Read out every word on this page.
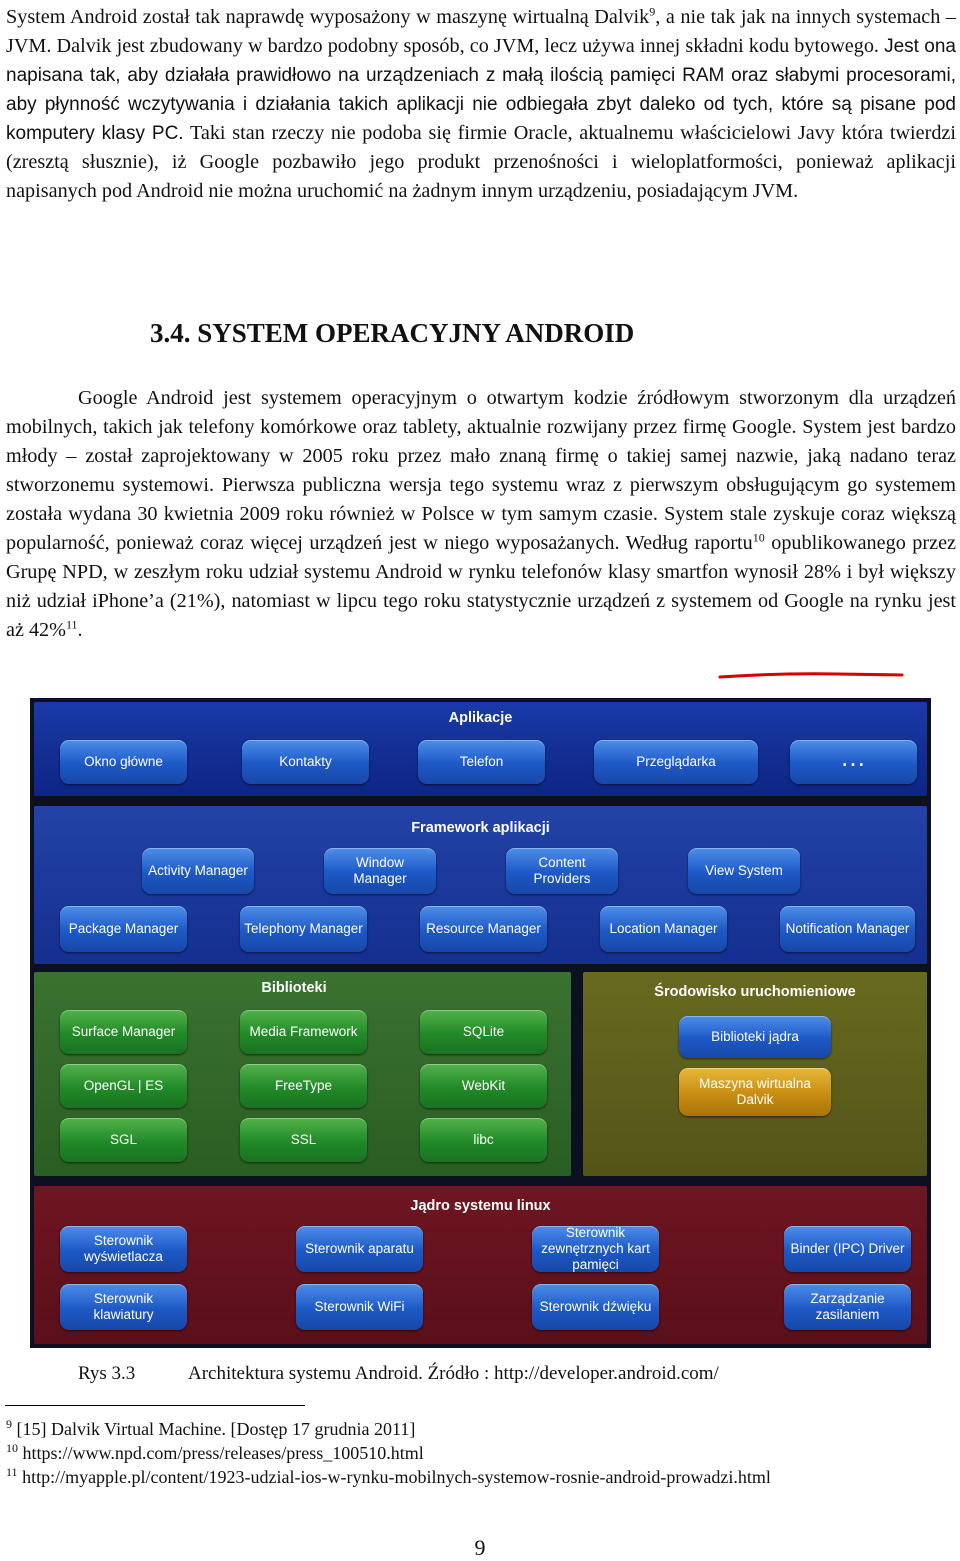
System Android został tak naprawdę wyposażony w maszynę wirtualną Dalvik$^9$, a nie tak jak na innych systemach – JVM. Dalvik jest zbudowany w bardzo podobny sposób, co JVM, lecz używa innej składni kodu bytowego. Jest ona napisana tak, aby działała prawidłowo na urządzeniach z małą ilością pamięci RAM oraz słabymi procesorami, aby płynność wczytywania i działania takich aplikacji nie odbiegała zbyt daleko od tych, które są pisane pod komputery klasy PC. Taki stan rzeczy nie podoba się firmie Oracle, aktualnemu właścicielowi Javy która twierdzi (zresztą słusznie), iż Google pozbawiło jego produkt przenośności i wieloplatformości, ponieważ aplikacji napisanych pod Android nie można uruchomić na żadnym innym urządzeniu, posiadającym JVM.

3.4. SYSTEM OPERACYJNY ANDROID

Google Android jest systemem operacyjnym o otwartym kodzie źródłowym stworzonym dla urządzeń mobilnych, takich jak telefony komórkowe oraz tablety, aktualnie rozwijany przez firmę Google. System jest bardzo młody – został zaprojektowany w 2005 roku przez mało znaną firmę o takiej samej nazwie, jaką nadano teraz stworzonemu systemowi. Pierwsza publiczna wersja tego systemu wraz z pierwszym obsługującym go systemem została wydana 30 kwietnia 2009 roku również w Polsce w tym samym czasie. System stale zyskuje coraz większą popularność, ponieważ coraz więcej urządzeń jest w niego wyposażanych. Według raportu$^{10}$ opublikowanego przez Grupę NPD, w zeszłym roku udział systemu Android w rynku telefonów klasy smartfon wynosił 28% i był większy niż udział iPhone’a (21%), natomiast w lipcu tego roku statystycznie urządzeń z systemem od Google na rynku jest aż 42%$^{11}$.

Aplikacje
Okno główne	Kontakty	Telefon	Przeglądarka	...
Framework aplikacji
Activity Manager
Window Manager
Content Providers
View System
Package Manager	Telephony Manager	Resource Manager	Location Manager	Notification Manager
Biblioteki
Surface Manager	Media Framework	SQLite
OpenGL | ES	FreeType	WebKit
SGL	SSL	libc
Środowisko uruchomieniowe
Biblioteki jądra
Maszyna wirtualna Dalvik
Jądro systemu linux
Sterownik wyświetlacza
Sterownik aparatu
Sterownik zewnętrznych kart pamięci
Binder (IPC) Driver
Sterownik klawiatury
Sterownik WiFi	Sterownik dźwięku
Zarządzanie zasilaniem
Rys 3.3	Architektura systemu Android. Źródło : http://developer.android.com/
$^9$ [15] Dalvik Virtual Machine. [Dostęp 17 grudnia 2011]
$^{10}$ https://www.npd.com/press/releases/press_100510.html
$^{11}$ http://myapple.pl/content/1923-udzial-ios-w-rynku-mobilnych-systemow-rosnie-android-prowadzi.html
9
